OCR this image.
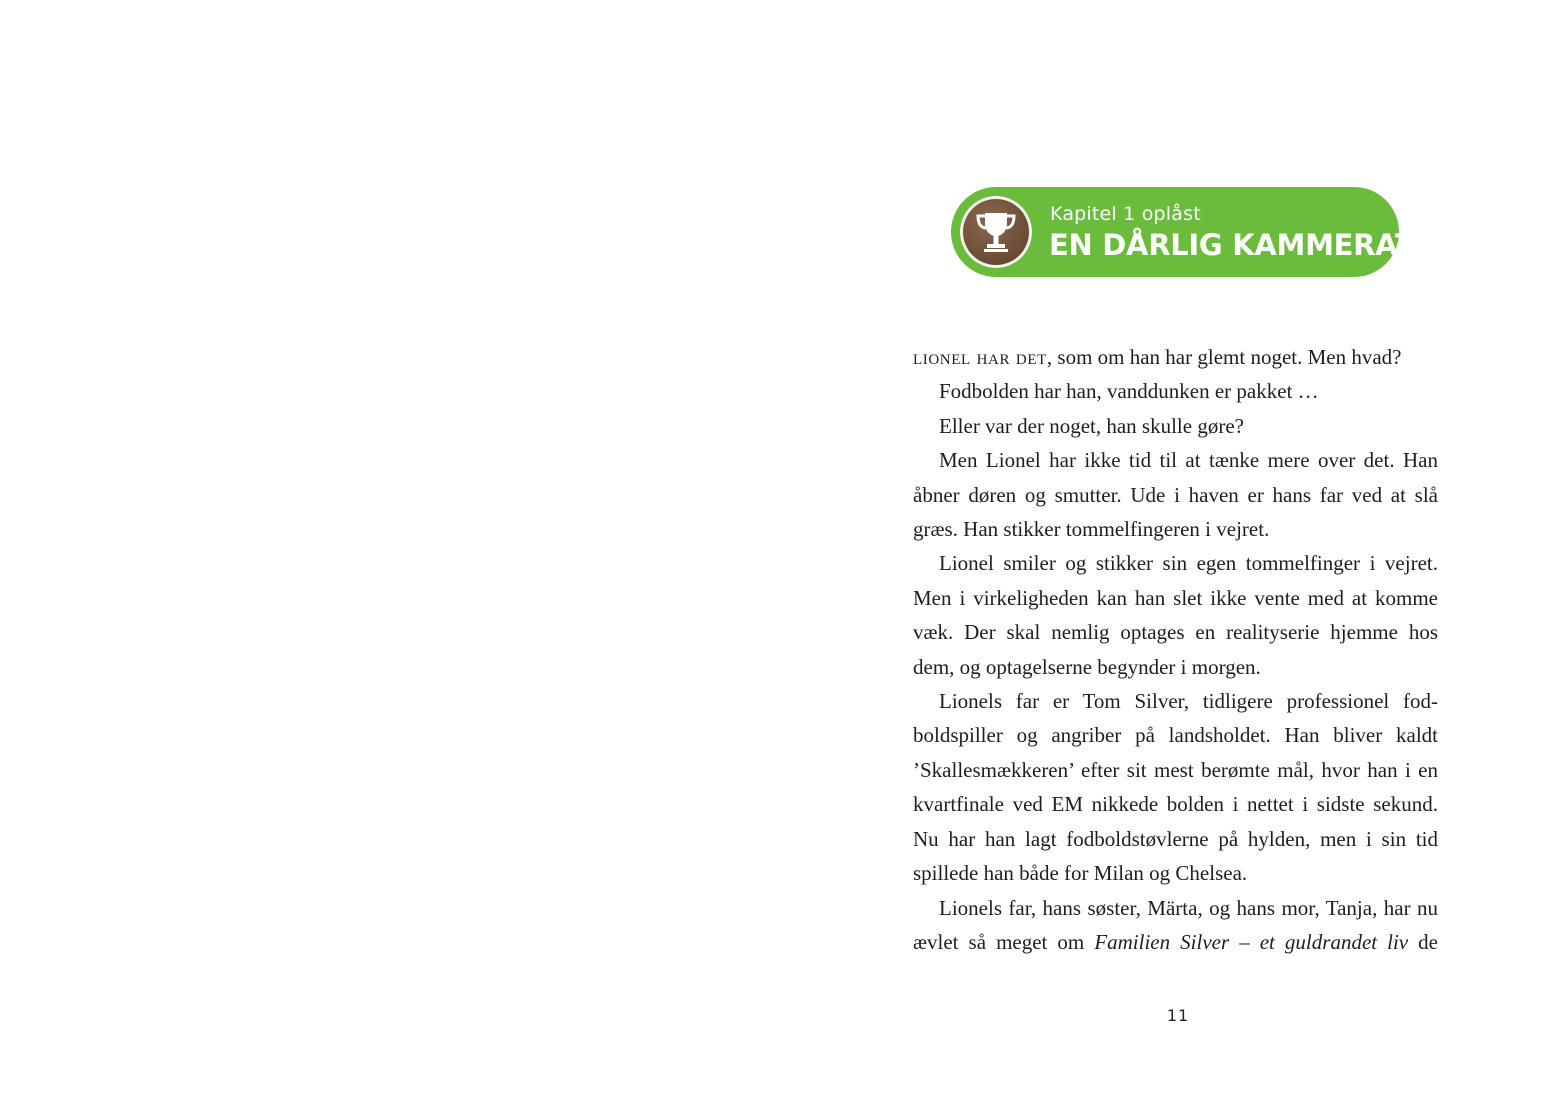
Kapitel 1 oplåst
EN DÅRLIG KAMMERAT

lionel har det, som om han har glemt noget. Men hvad?

Fodbolden har han, vanddunken er pakket …

Eller var der noget, han skulle gøre?

Men Lionel har ikke tid til at tænke mere over det. Han åbner døren og smutter. Ude i haven er hans far ved at slå græs. Han stikker tommelfingeren i vejret.

Lionel smiler og stikker sin egen tommelfinger i vejret. Men i virkeligheden kan han slet ikke vente med at komme væk. Der skal nemlig optages en realityserie hjemme hos dem, og optagelserne begynder i morgen.

Lionels far er Tom Silver, tidligere professionel fodboldspiller og angriber på landsholdet. Han bliver kaldt ’Skallesmækkeren’ efter sit mest berømte mål, hvor han i en kvartfinale ved EM nikkede bolden i nettet i sidste sekund. Nu har han lagt fodboldstøvlerne på hylden, men i sin tid spillede han både for Milan og Chelsea.

Lionels far, hans søster, Märta, og hans mor, Tanja, har nu ævlet så meget om Familien Silver – et guldrandet liv de

11
